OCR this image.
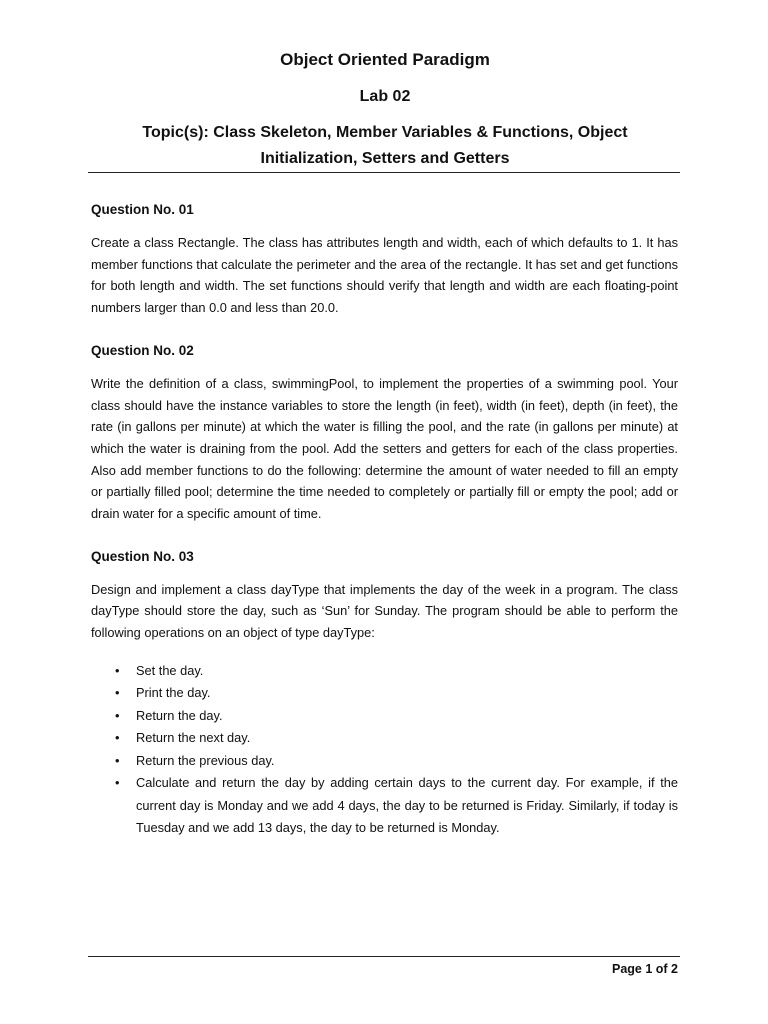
Object Oriented Paradigm
Lab 02
Topic(s): Class Skeleton, Member Variables & Functions, Object
Initialization, Setters and Getters
Question No. 01

Create a class Rectangle. The class has attributes length and width, each of which defaults to 1. It has member functions that calculate the perimeter and the area of the rectangle. It has set and get functions for both length and width. The set functions should verify that length and width are each floating-point numbers larger than 0.0 and less than 20.0.

Question No. 02

Write the definition of a class, swimmingPool, to implement the properties of a swimming pool. Your class should have the instance variables to store the length (in feet), width (in feet), depth (in feet), the rate (in gallons per minute) at which the water is filling the pool, and the rate (in gallons per minute) at which the water is draining from the pool. Add the setters and getters for each of the class properties. Also add member functions to do the following: determine the amount of water needed to fill an empty or partially filled pool; determine the time needed to completely or partially fill or empty the pool; add or drain water for a specific amount of time.

Question No. 03

Design and implement a class dayType that implements the day of the week in a program. The class dayType should store the day, such as ‘Sun’ for Sunday. The program should be able to perform the following operations on an object of type dayType:

• Set the day.
• Print the day.
• Return the day.
• Return the next day.
• Return the previous day.
• Calculate and return the day by adding certain days to the current day. For example, if the current day is Monday and we add 4 days, the day to be returned is Friday. Similarly, if today is Tuesday and we add 13 days, the day to be returned is Monday.
Page 1 of 2
